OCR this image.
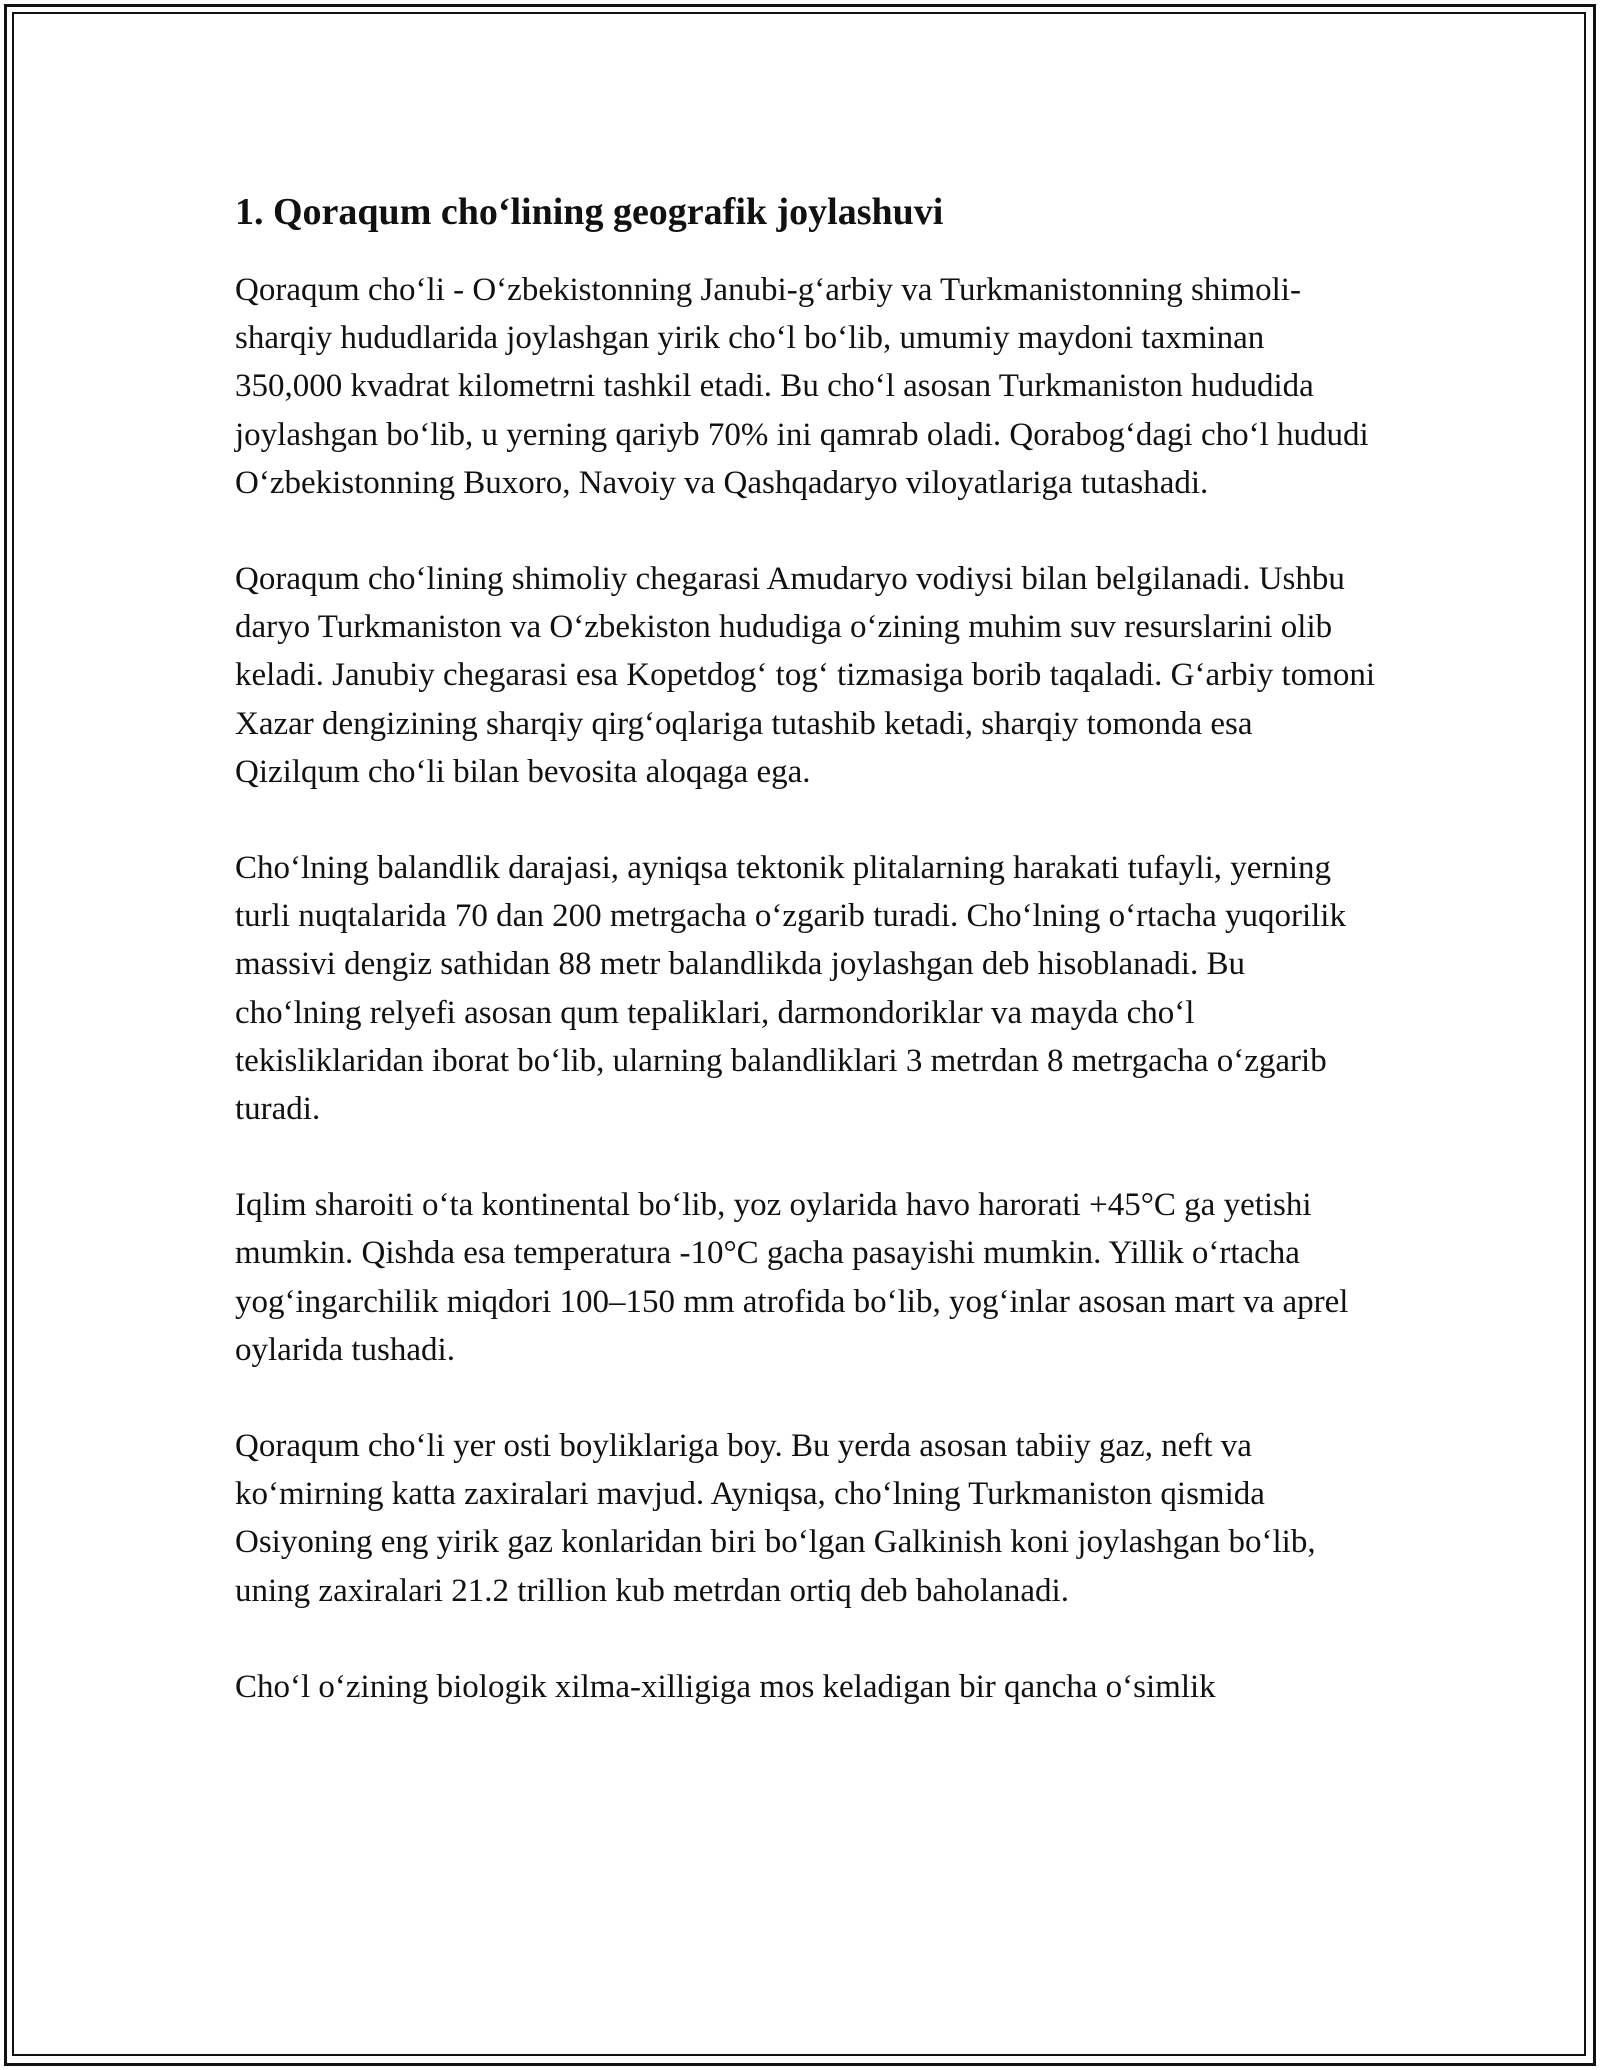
1. Qoraqum cho‘lining geografik joylashuvi

Qoraqum cho‘li - O‘zbekistonning Janubi-g‘arbiy va Turkmanistonning shimoli-sharqiy hududlarida joylashgan yirik cho‘l bo‘lib, umumiy maydoni taxminan 350,000 kvadrat kilometrni tashkil etadi. Bu cho‘l asosan Turkmaniston hududida joylashgan bo‘lib, u yerning qariyb 70% ini qamrab oladi. Qorabog‘dagi cho‘l hududi O‘zbekistonning Buxoro, Navoiy va Qashqadaryo viloyatlariga tutashadi.

Qoraqum cho‘lining shimoliy chegarasi Amudaryo vodiysi bilan belgilanadi. Ushbu daryo Turkmaniston va O‘zbekiston hududiga o‘zining muhim suv resurslarini olib keladi. Janubiy chegarasi esa Kopetdog‘ tog‘ tizmasiga borib taqaladi. G‘arbiy tomoni Xazar dengizining sharqiy qirg‘oqlariga tutashib ketadi, sharqiy tomonda esa Qizilqum cho‘li bilan bevosita aloqaga ega.

Cho‘lning balandlik darajasi, ayniqsa tektonik plitalarning harakati tufayli, yerning turli nuqtalarida 70 dan 200 metrgacha o‘zgarib turadi. Cho‘lning o‘rtacha yuqorilik massivi dengiz sathidan 88 metr balandlikda joylashgan deb hisoblanadi. Bu cho‘lning relyefi asosan qum tepaliklari, darmondoriklar va mayda cho‘l tekisliklaridan iborat bo‘lib, ularning balandliklari 3 metrdan 8 metrgacha o‘zgarib turadi.

Iqlim sharoiti o‘ta kontinental bo‘lib, yoz oylarida havo harorati +45°C ga yetishi mumkin. Qishda esa temperatura -10°C gacha pasayishi mumkin. Yillik o‘rtacha yog‘ingarchilik miqdori 100–150 mm atrofida bo‘lib, yog‘inlar asosan mart va aprel oylarida tushadi.

Qoraqum cho‘li yer osti boyliklariga boy. Bu yerda asosan tabiiy gaz, neft va ko‘mirning katta zaxiralari mavjud. Ayniqsa, cho‘lning Turkmaniston qismida Osiyoning eng yirik gaz konlaridan biri bo‘lgan Galkinish koni joylashgan bo‘lib, uning zaxiralari 21.2 trillion kub metrdan ortiq deb baholanadi.

Cho‘l o‘zining biologik xilma-xilligiga mos keladigan bir qancha o‘simlik
